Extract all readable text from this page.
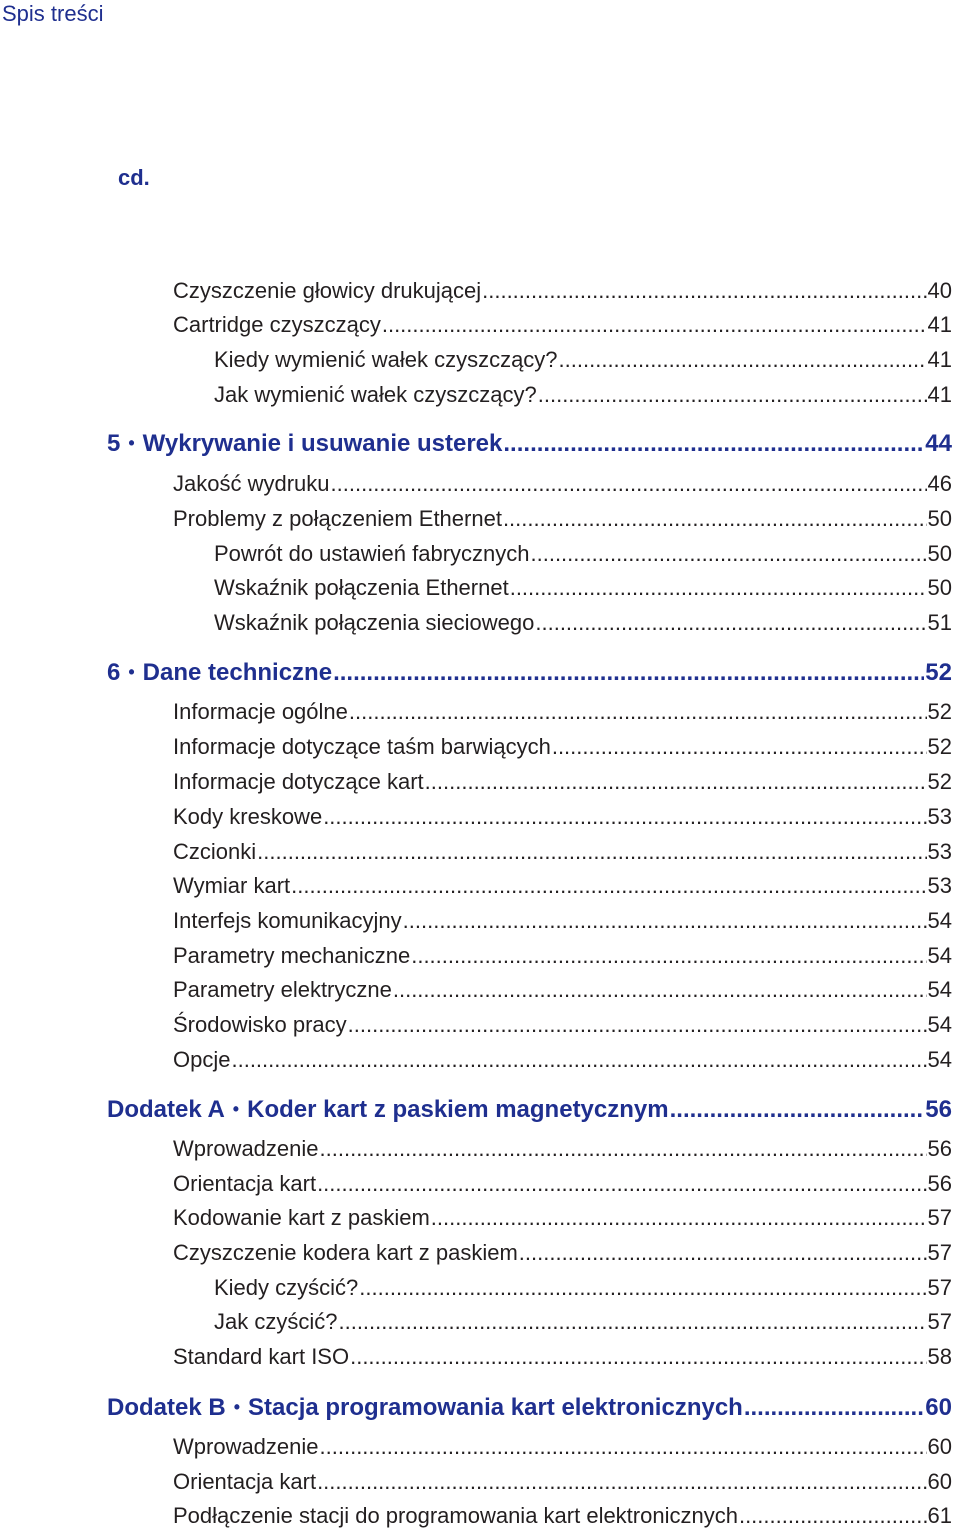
Spis treści
cd.
Czyszczenie głowicy drukującej .....	40
Cartridge czyszczący .....	41
Kiedy wymienić wałek czyszczący? .....	41
Jak wymienić wałek czyszczący? .....	41
5 • Wykrywanie i usuwanie usterek .....	44
Jakość wydruku .....	46
Problemy z połączeniem Ethernet .....	50
Powrót do ustawień fabrycznych .....	50
Wskaźnik połączenia Ethernet .....	50
Wskaźnik połączenia sieciowego .....	51
6 • Dane techniczne .....	52
Informacje ogólne .....	52
Informacje dotyczące taśm barwiących .....	52
Informacje dotyczące kart .....	52
Kody kreskowe .....	53
Czcionki .....	53
Wymiar kart .....	53
Interfejs komunikacyjny .....	54
Parametry mechaniczne .....	54
Parametry elektryczne .....	54
Środowisko pracy .....	54
Opcje .....	54
Dodatek A • Koder kart z paskiem magnetycznym .....	56
Wprowadzenie .....	56
Orientacja kart .....	56
Kodowanie kart z paskiem .....	57
Czyszczenie kodera kart z paskiem .....	57
Kiedy czyścić? .....	57
Jak czyścić? .....	57
Standard kart ISO .....	58
Dodatek B • Stacja programowania kart elektronicznych .....	60
Wprowadzenie .....	60
Orientacja kart .....	60
Podłączenie stacji do programowania kart elektronicznych .....	61
